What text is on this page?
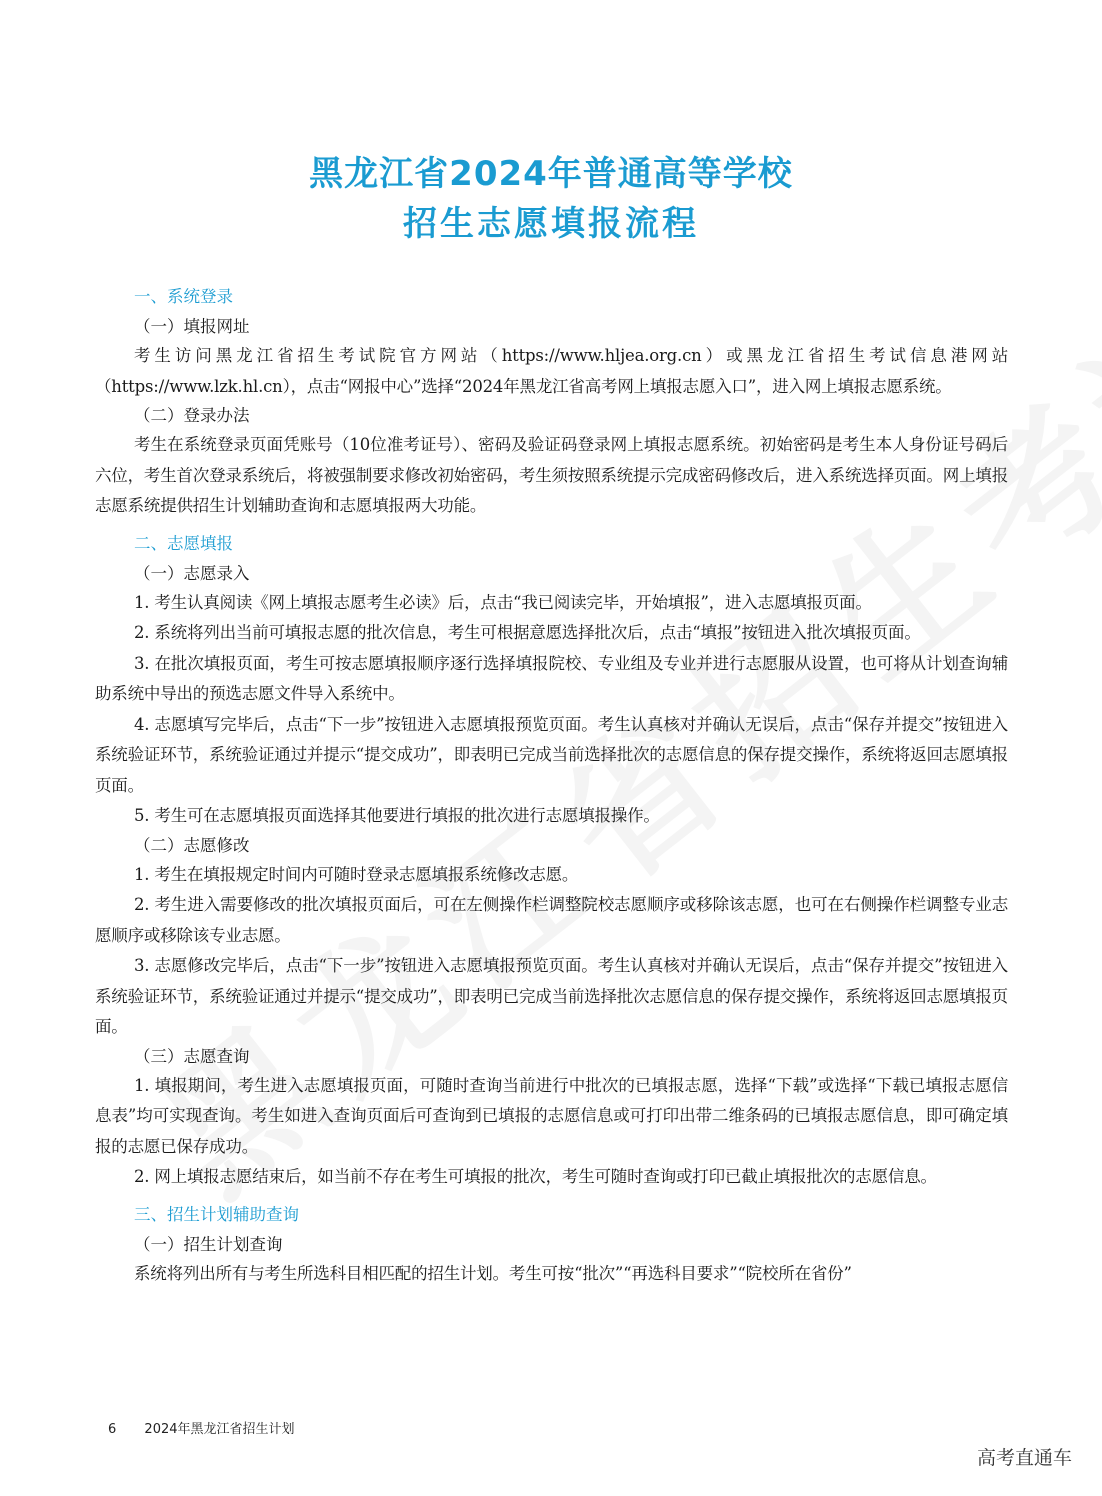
黑龙江省2024年普通高等学校
招生志愿填报流程
一、系统登录
（一）填报网址

考生访问黑龙江省招生考试院官方网站（https://www.hljea.org.cn）或黑龙江省招生考试信息港网站（https://www.lzk.hl.cn），点击“网报中心”选择“2024年黑龙江省高考网上填报志愿入口”，进入网上填报志愿系统。

（二）登录办法

考生在系统登录页面凭账号（10位准考证号）、密码及验证码登录网上填报志愿系统。初始密码是考生本人身份证号码后六位，考生首次登录系统后，将被强制要求修改初始密码，考生须按照系统提示完成密码修改后，进入系统选择页面。网上填报志愿系统提供招生计划辅助查询和志愿填报两大功能。

二、志愿填报
（一）志愿录入

1. 考生认真阅读《网上填报志愿考生必读》后，点击“我已阅读完毕，开始填报”，进入志愿填报页面。

2. 系统将列出当前可填报志愿的批次信息，考生可根据意愿选择批次后，点击“填报”按钮进入批次填报页面。

3. 在批次填报页面，考生可按志愿填报顺序逐行选择填报院校、专业组及专业并进行志愿服从设置，也可将从计划查询辅助系统中导出的预选志愿文件导入系统中。

4. 志愿填写完毕后，点击“下一步”按钮进入志愿填报预览页面。考生认真核对并确认无误后，点击“保存并提交”按钮进入系统验证环节，系统验证通过并提示“提交成功”，即表明已完成当前选择批次的志愿信息的保存提交操作，系统将返回志愿填报页面。

5. 考生可在志愿填报页面选择其他要进行填报的批次进行志愿填报操作。

（二）志愿修改

1. 考生在填报规定时间内可随时登录志愿填报系统修改志愿。

2. 考生进入需要修改的批次填报页面后，可在左侧操作栏调整院校志愿顺序或移除该志愿，也可在右侧操作栏调整专业志愿顺序或移除该专业志愿。

3. 志愿修改完毕后，点击“下一步”按钮进入志愿填报预览页面。考生认真核对并确认无误后，点击“保存并提交”按钮进入系统验证环节，系统验证通过并提示“提交成功”，即表明已完成当前选择批次志愿信息的保存提交操作，系统将返回志愿填报页面。

（三）志愿查询

1. 填报期间，考生进入志愿填报页面，可随时查询当前进行中批次的已填报志愿，选择“下载”或选择“下载已填报志愿信息表”均可实现查询。考生如进入查询页面后可查询到已填报的志愿信息或可打印出带二维条码的已填报志愿信息，即可确定填报的志愿已保存成功。

2. 网上填报志愿结束后，如当前不存在考生可填报的批次，考生可随时查询或打印已截止填报批次的志愿信息。

三、招生计划辅助查询
（一）招生计划查询

系统将列出所有与考生所选科目相匹配的招生计划。考生可按“批次”“再选科目要求”“院校所在省份”

6 2024年黑龙江省招生计划
高考直通车
